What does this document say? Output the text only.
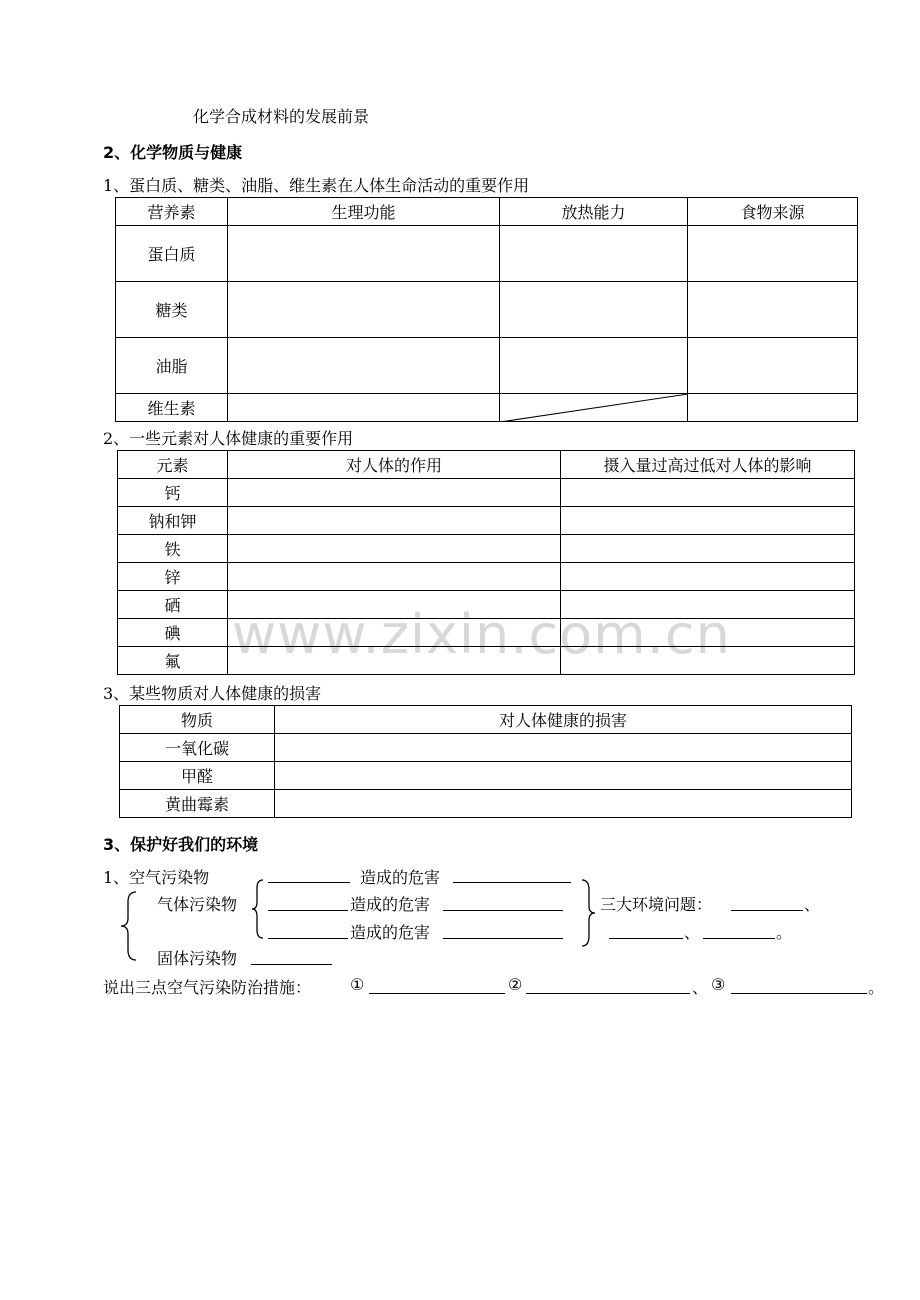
www.zixin.com.cn
化学合成材料的发展前景
2、化学物质与健康
1、蛋白质、糖类、油脂、维生素在人体生命活动的重要作用
营养素	生理功能	放热能力	食物来源
蛋白质			
糖类			
油脂			
维生素		

2、一些元素对人体健康的重要作用
元素	对人体的作用	摄入量过高过低对人体的影响
钙		
钠和钾		
铁		
锌		
硒		
碘		
氟		
3、某些物质对人体健康的损害
物质	对人体健康的损害
一氧化碳	
甲醛	
黄曲霉素	
3、保护好我们的环境
1、空气污染物	造成的危害
气体污染物	造成的危害	三大环境问题：	、
造成的危害	、	。
固体污染物
说出三点空气污染防治措施： ①	②	、 ③	。
